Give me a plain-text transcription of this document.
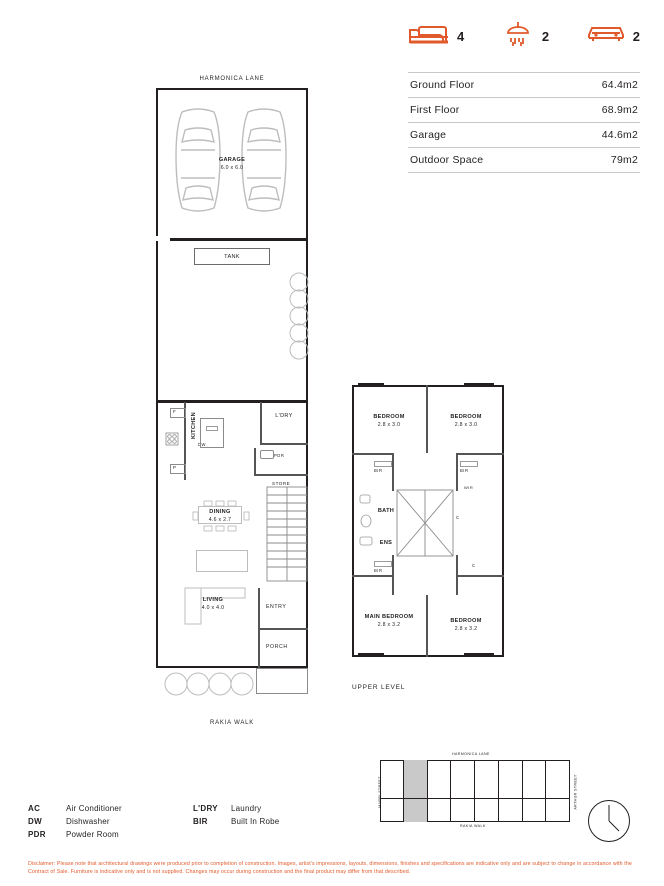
4	2	2
Ground Floor	64.4m2
First Floor	68.9m2
Garage	44.6m2
Outdoor Space	79m2
HARMONICA LANE
GARAGE
6.0 x 6.0
TANK
F
P
KITCHEN
DW
L'DRY
PDR
STORE
DINING
4.6 x 2.7
LIVING
4.0 x 4.0	ENTRY
PORCH
RAKIA WALK
BEDROOM
2.8 x 3.0
BEDROOM
2.8 x 3.0
MAIN BEDROOM
2.8 x 3.2
BEDROOM
2.8 x 3.2
BIR	BIR
BIR
BATH
ENS
C
C
WIR
UPPER LEVEL
HARMONICA LANE
RAKIA WALK
MARRI STREET	ARTHUR STREET
AC	Air Conditioner	L'DRY	Laundry
DW	Dishwasher	BIR	Built In Robe
PDR	Powder Room
Disclaimer: Please note that architectural drawings were produced prior to completion of construction. Images, artist's impressions, layouts, dimensions, finishes and specifications are indicative only and are subject to change in accordance with the Contract of Sale. Furniture is indicative only and is not supplied. Changes may occur during construction and the final product may differ from that described.
